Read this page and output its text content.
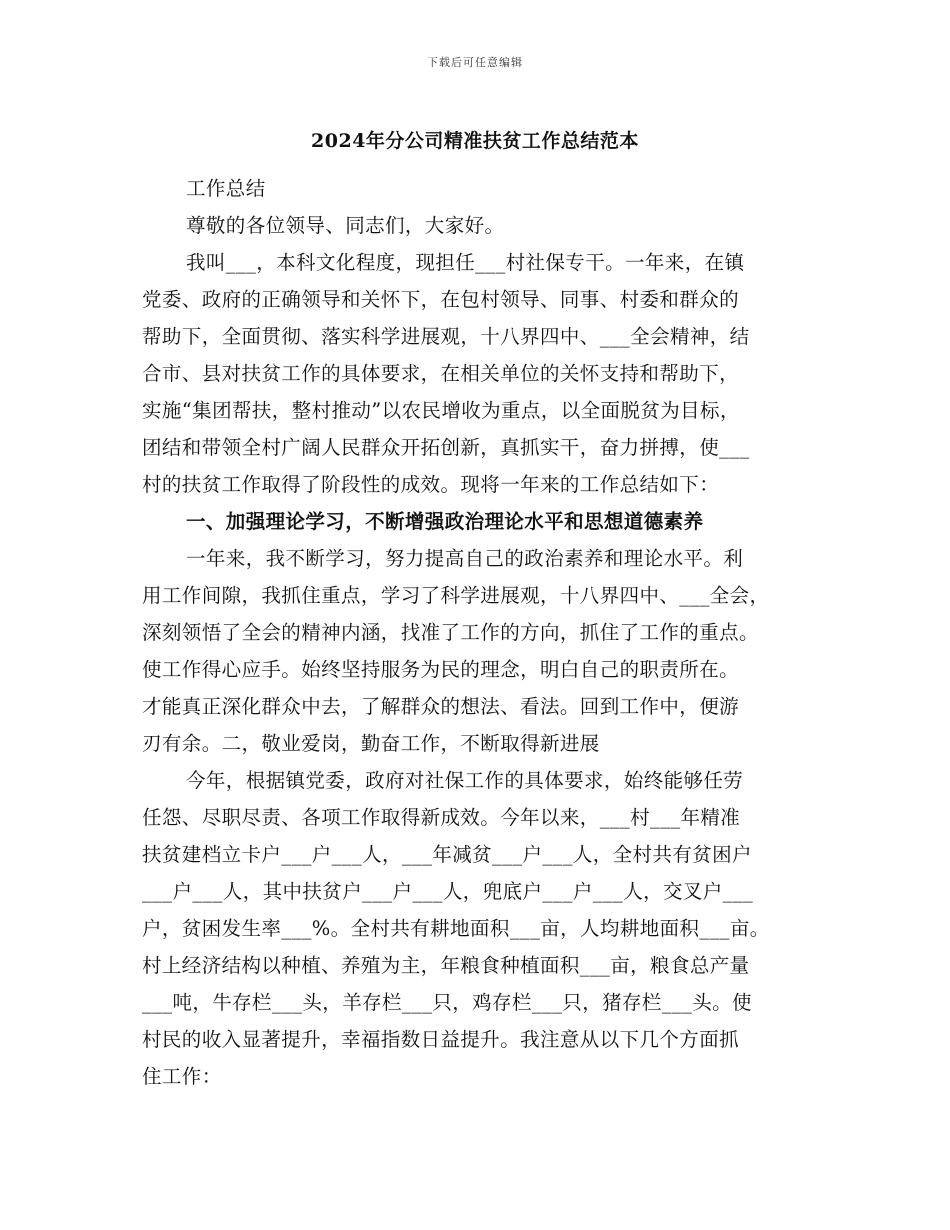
下载后可任意编辑
2024年分公司精准扶贫工作总结范本
工作总结
尊敬的各位领导、同志们，大家好。
我叫___，本科文化程度，现担任___村社保专干。一年来，在镇
党委、政府的正确领导和关怀下，在包村领导、同事、村委和群众的
帮助下，全面贯彻、落实科学进展观，十八界四中、___全会精神，结
合市、县对扶贫工作的具体要求，在相关单位的关怀支持和帮助下，
实施“集团帮扶，整村推动”以农民增收为重点，以全面脱贫为目标，
团结和带领全村广阔人民群众开拓创新，真抓实干，奋力拼搏，使___
村的扶贫工作取得了阶段性的成效。现将一年来的工作总结如下：
一、加强理论学习，不断增强政治理论水平和思想道德素养
一年来，我不断学习，努力提高自己的政治素养和理论水平。利
用工作间隙，我抓住重点，学习了科学进展观，十八界四中、___全会，
深刻领悟了全会的精神内涵，找准了工作的方向，抓住了工作的重点。
使工作得心应手。始终坚持服务为民的理念，明白自己的职责所在。
才能真正深化群众中去，了解群众的想法、看法。回到工作中，便游
刃有余。二，敬业爱岗，勤奋工作，不断取得新进展
今年，根据镇党委，政府对社保工作的具体要求，始终能够任劳
任怨、尽职尽责、各项工作取得新成效。今年以来，___村___年精准
扶贫建档立卡户___户___人，___年减贫___户___人，全村共有贫困户
___户___人，其中扶贫户___户___人，兜底户___户___人，交叉户___
户，贫困发生率___%。全村共有耕地面积___亩，人均耕地面积___亩。
村上经济结构以种植、养殖为主，年粮食种植面积___亩，粮食总产量
___吨，牛存栏___头，羊存栏___只，鸡存栏___只，猪存栏___头。使
村民的收入显著提升，幸福指数日益提升。我注意从以下几个方面抓
住工作：
